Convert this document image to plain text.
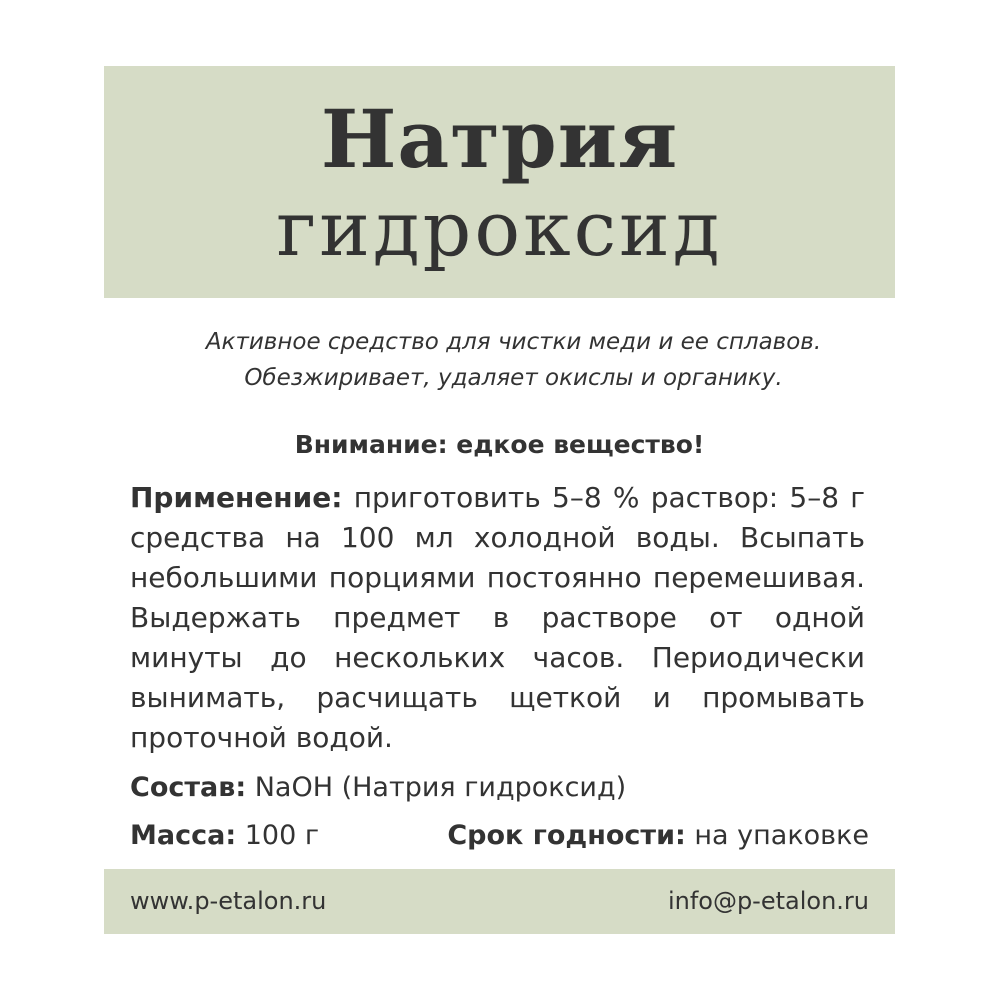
Натрия
гидроксид
Активное средство для чистки меди и ее сплавов.
Обезжиривает, удаляет окислы и органику.
Внимание: едкое вещество!
Применение: приготовить 5–8 % раствор: 5–8 г средства на 100 мл холодной воды. Всыпать небольшими порциями постоянно перемешивая. Выдержать предмет в растворе от одной минуты до нескольких часов. Периодически вынимать, расчищать щеткой и промывать проточной водой.
Состав: NaOH (Натрия гидроксид)
Масса: 100 г	Срок годности: на упаковке
www.p-etalon.ru	info@p-etalon.ru
